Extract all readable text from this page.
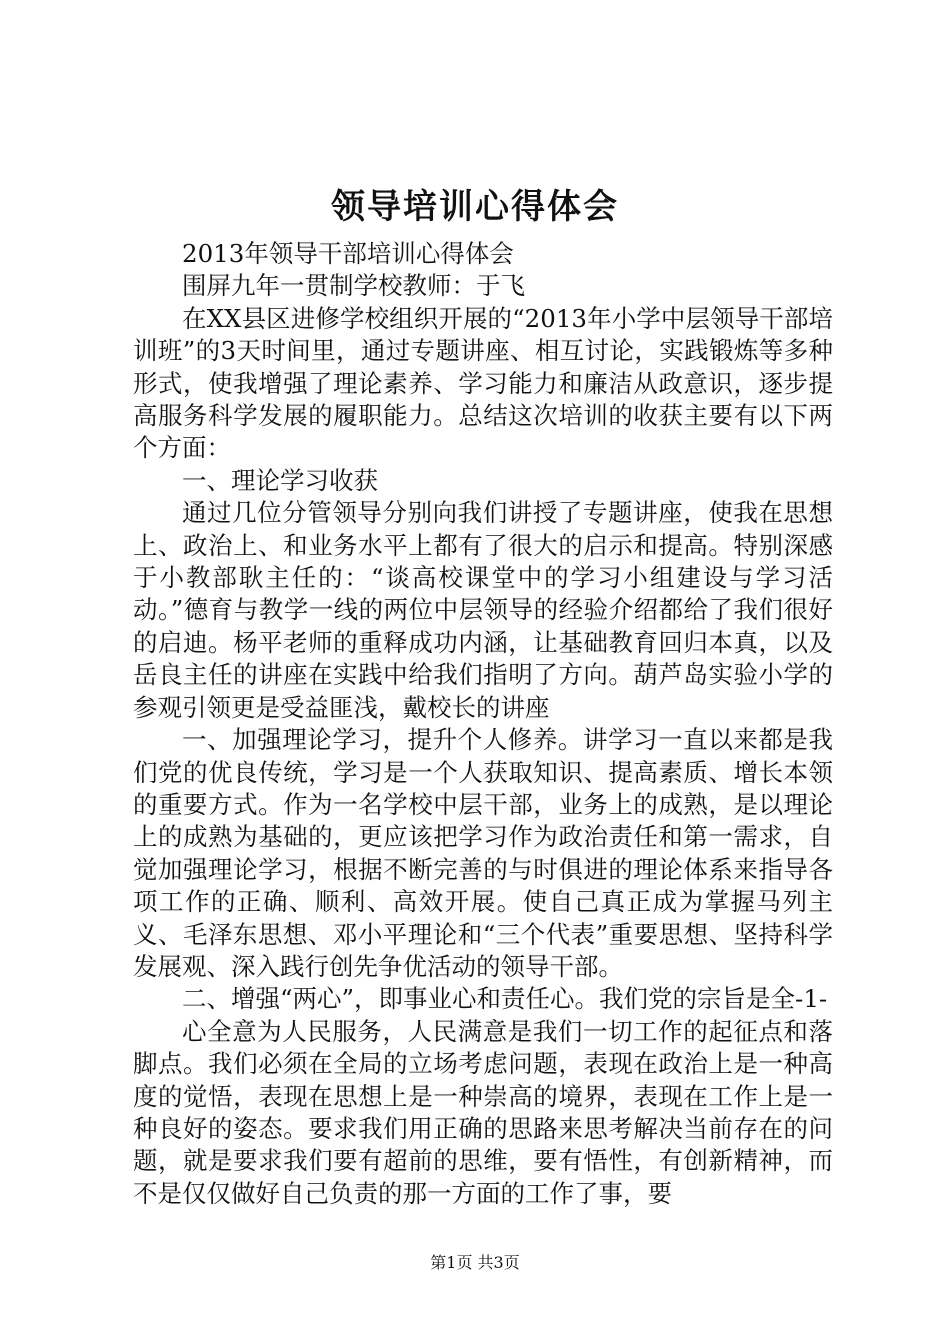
领导培训心得体会

2013年领导干部培训心得体会

围屏九年一贯制学校教师：于飞

在XX县区进修学校组织开展的“2013年小学中层领导干部培训班”的3天时间里，通过专题讲座、相互讨论，实践锻炼等多种形式，使我增强了理论素养、学习能力和廉洁从政意识，逐步提高服务科学发展的履职能力。总结这次培训的收获主要有以下两个方面：

一、理论学习收获

通过几位分管领导分别向我们讲授了专题讲座，使我在思想上、政治上、和业务水平上都有了很大的启示和提高。特别深感于小教部耿主任的：“谈高校课堂中的学习小组建设与学习活动。”德育与教学一线的两位中层领导的经验介绍都给了我们很好的启迪。杨平老师的重释成功内涵，让基础教育回归本真，以及岳良主任的讲座在实践中给我们指明了方向。葫芦岛实验小学的参观引领更是受益匪浅，戴校长的讲座

一、加强理论学习，提升个人修养。讲学习一直以来都是我们党的优良传统，学习是一个人获取知识、提高素质、增长本领的重要方式。作为一名学校中层干部，业务上的成熟，是以理论上的成熟为基础的，更应该把学习作为政治责任和第一需求，自觉加强理论学习，根据不断完善的与时俱进的理论体系来指导各项工作的正确、顺利、高效开展。使自己真正成为掌握马列主义、毛泽东思想、邓小平理论和“三个代表”重要思想、坚持科学发展观、深入践行创先争优活动的领导干部。

二、增强“两心”，即事业心和责任心。我们党的宗旨是全-1-

心全意为人民服务，人民满意是我们一切工作的起征点和落脚点。我们必须在全局的立场考虑问题，表现在政治上是一种高度的觉悟，表现在思想上是一种崇高的境界，表现在工作上是一种良好的姿态。要求我们用正确的思路来思考解决当前存在的问题，就是要求我们要有超前的思维，要有悟性，有创新精神，而不是仅仅做好自己负责的那一方面的工作了事，要

第1页 共3页
